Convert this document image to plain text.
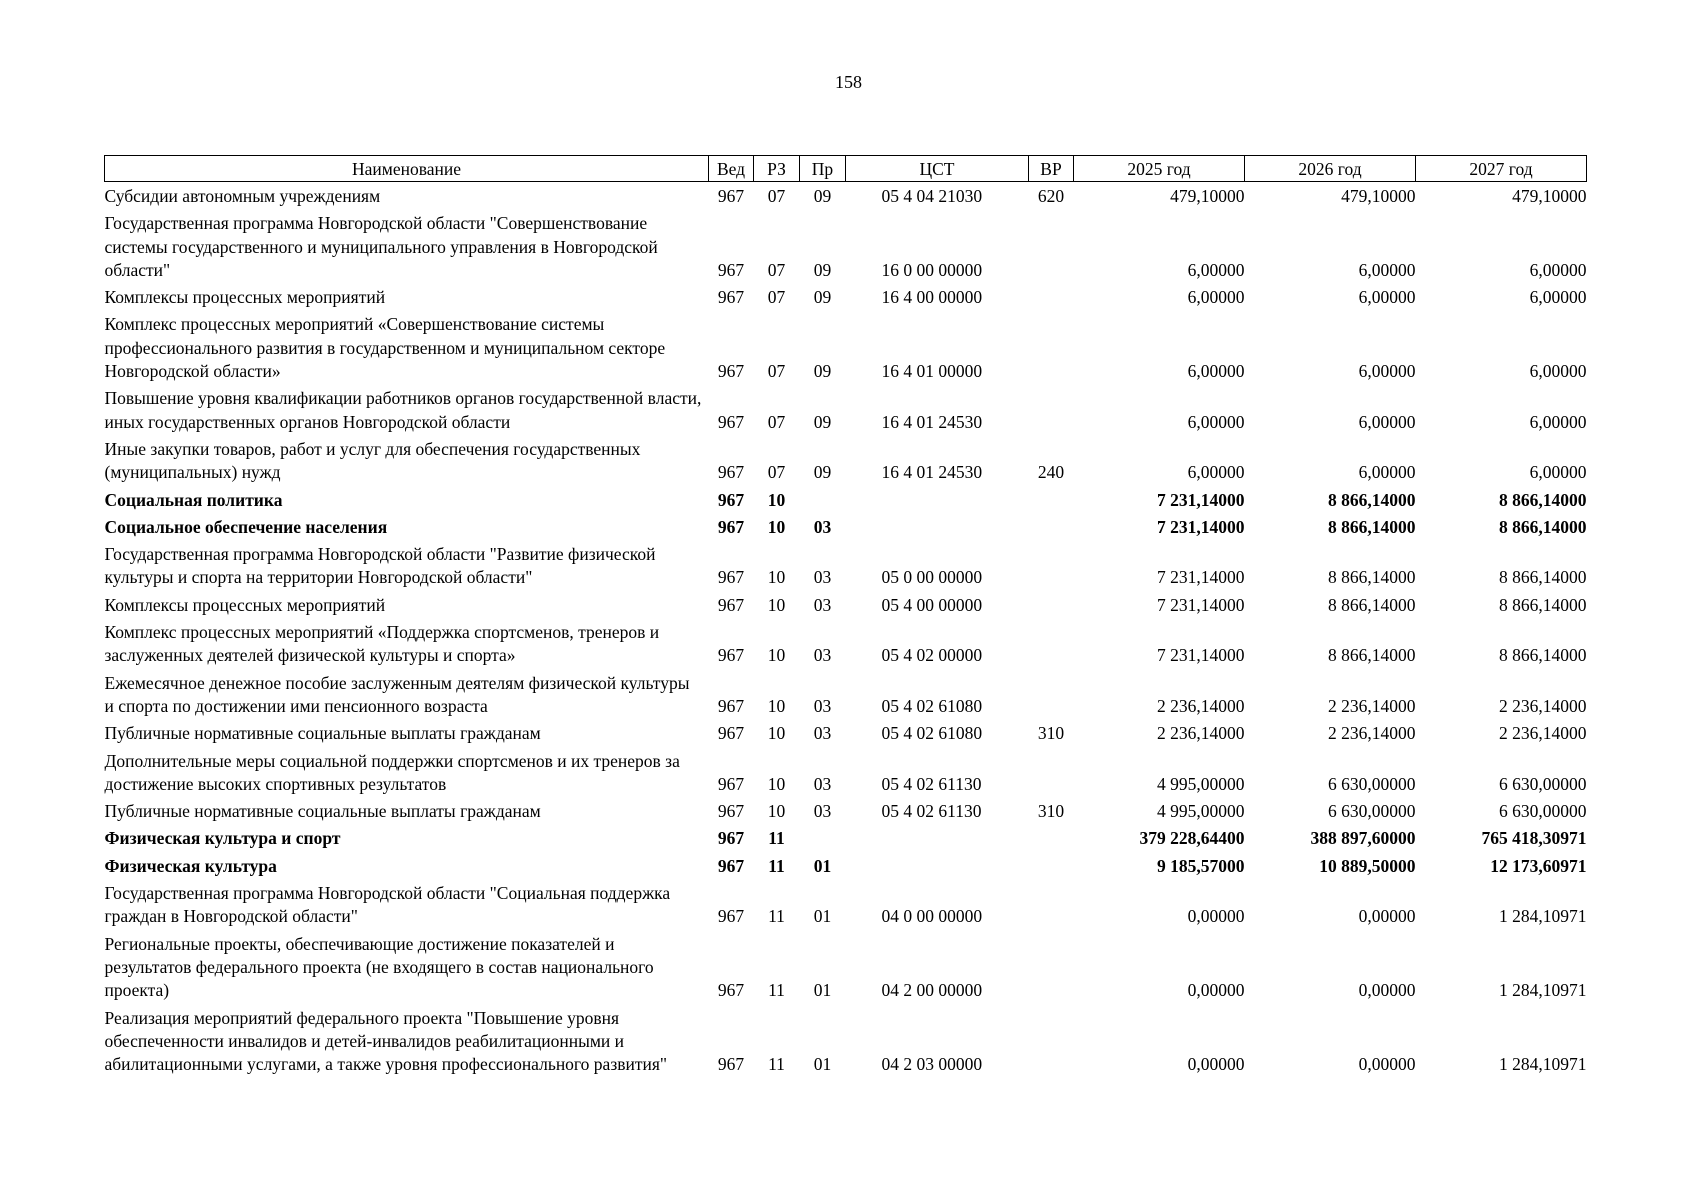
158
Наименование	Вед	РЗ	Пр	ЦСТ	ВР	2025 год	2026 год	2027 год
Субсидии автономным учреждениям	967	07	09	05 4 04 21030	620	479,10000	479,10000	479,10000
Государственная программа Новгородской области "Совершенствование системы государственного и муниципального управления в Новгородской области"	967	07	09	16 0 00 00000		6,00000	6,00000	6,00000
Комплексы процессных мероприятий	967	07	09	16 4 00 00000		6,00000	6,00000	6,00000
Комплекс процессных мероприятий «Совершенствование системы профессионального развития в государственном и муниципальном секторе Новгородской области»	967	07	09	16 4 01 00000		6,00000	6,00000	6,00000
Повышение уровня квалификации работников органов государственной власти, иных государственных органов Новгородской области	967	07	09	16 4 01 24530		6,00000	6,00000	6,00000
Иные закупки товаров, работ и услуг для обеспечения государственных (муниципальных) нужд	967	07	09	16 4 01 24530	240	6,00000	6,00000	6,00000
Социальная политика	967	10				7 231,14000	8 866,14000	8 866,14000
Социальное обеспечение населения	967	10	03			7 231,14000	8 866,14000	8 866,14000
Государственная программа Новгородской области "Развитие физической культуры и спорта на территории Новгородской области"	967	10	03	05 0 00 00000		7 231,14000	8 866,14000	8 866,14000
Комплексы процессных мероприятий	967	10	03	05 4 00 00000		7 231,14000	8 866,14000	8 866,14000
Комплекс процессных мероприятий «Поддержка спортсменов, тренеров и заслуженных деятелей физической культуры и спорта»	967	10	03	05 4 02 00000		7 231,14000	8 866,14000	8 866,14000
Ежемесячное денежное пособие заслуженным деятелям физической культуры и спорта по достижении ими пенсионного возраста	967	10	03	05 4 02 61080		2 236,14000	2 236,14000	2 236,14000
Публичные нормативные социальные выплаты гражданам	967	10	03	05 4 02 61080	310	2 236,14000	2 236,14000	2 236,14000
Дополнительные меры социальной поддержки спортсменов и их тренеров за достижение высоких спортивных результатов	967	10	03	05 4 02 61130		4 995,00000	6 630,00000	6 630,00000
Публичные нормативные социальные выплаты гражданам	967	10	03	05 4 02 61130	310	4 995,00000	6 630,00000	6 630,00000
Физическая культура и спорт	967	11				379 228,64400	388 897,60000	765 418,30971
Физическая культура	967	11	01			9 185,57000	10 889,50000	12 173,60971
Государственная программа Новгородской области "Социальная поддержка граждан в Новгородской области"	967	11	01	04 0 00 00000		0,00000	0,00000	1 284,10971
Региональные проекты, обеспечивающие достижение показателей и результатов федерального проекта (не входящего в состав национального проекта)	967	11	01	04 2 00 00000		0,00000	0,00000	1 284,10971
Реализация мероприятий федерального проекта "Повышение уровня обеспеченности инвалидов и детей-инвалидов реабилитационными и абилитационными услугами, а также уровня профессионального развития"	967	11	01	04 2 03 00000		0,00000	0,00000	1 284,10971
